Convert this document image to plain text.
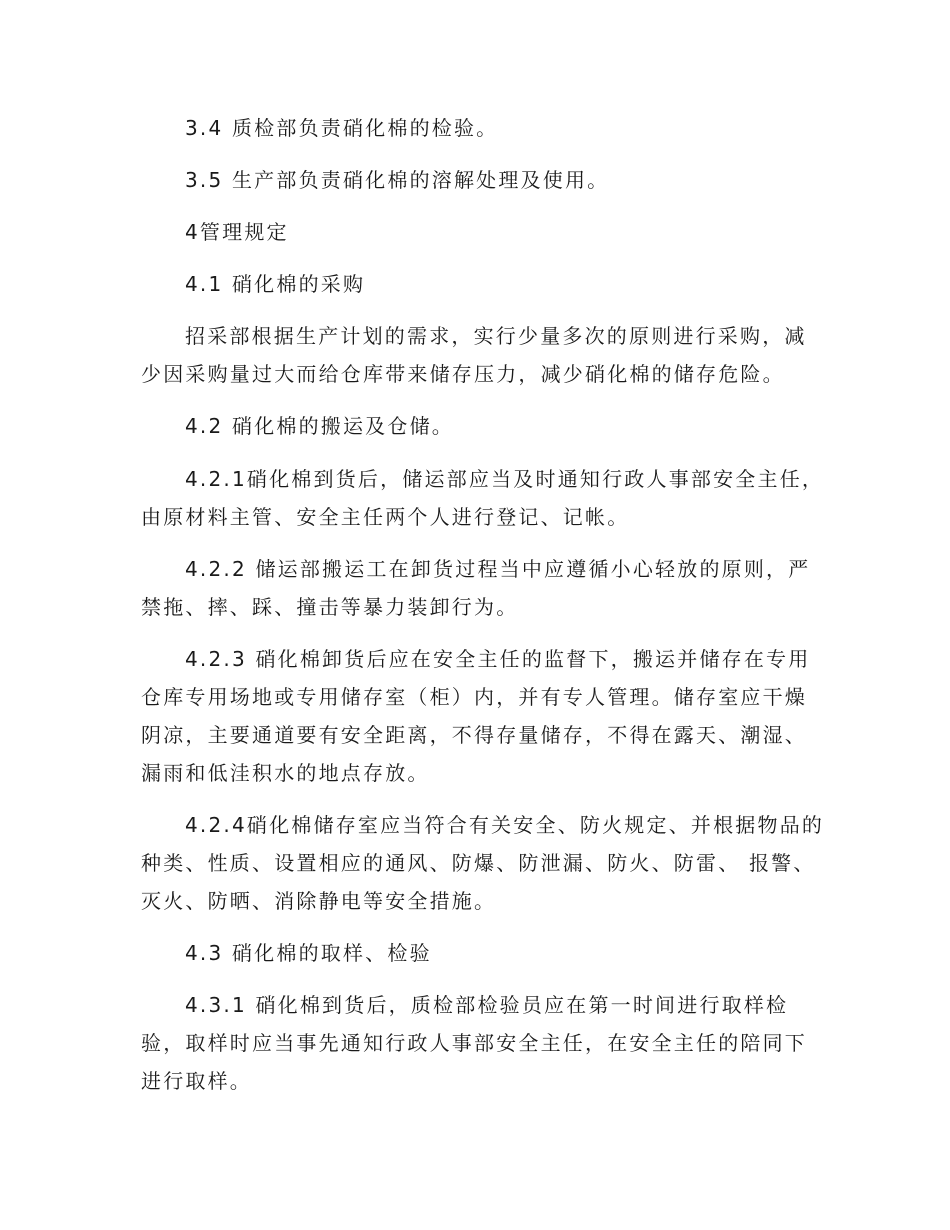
3.4 质检部负责硝化棉的检验。
3.5 生产部负责硝化棉的溶解处理及使用。
4管理规定
4.1 硝化棉的采购
招采部根据生产计划的需求，实行少量多次的原则进行采购，减
少因采购量过大而给仓库带来储存压力，减少硝化棉的储存危险。
4.2 硝化棉的搬运及仓储。
4.2.1硝化棉到货后，储运部应当及时通知行政人事部安全主任，
由原材料主管、安全主任两个人进行登记、记帐。
4.2.2 储运部搬运工在卸货过程当中应遵循小心轻放的原则，严
禁拖、摔、踩、撞击等暴力装卸行为。
4.2.3 硝化棉卸货后应在安全主任的监督下，搬运并储存在专用
仓库专用场地或专用储存室（柜）内，并有专人管理。储存室应干燥
阴凉，主要通道要有安全距离，不得存量储存，不得在露天、潮湿、
漏雨和低洼积水的地点存放。
4.2.4硝化棉储存室应当符合有关安全、防火规定、并根据物品的
种类、性质、设置相应的通风、防爆、防泄漏、防火、防雷、 报警、
灭火、防晒、消除静电等安全措施。
4.3 硝化棉的取样、检验
4.3.1 硝化棉到货后，质检部检验员应在第一时间进行取样检
验，取样时应当事先通知行政人事部安全主任，在安全主任的陪同下
进行取样。
